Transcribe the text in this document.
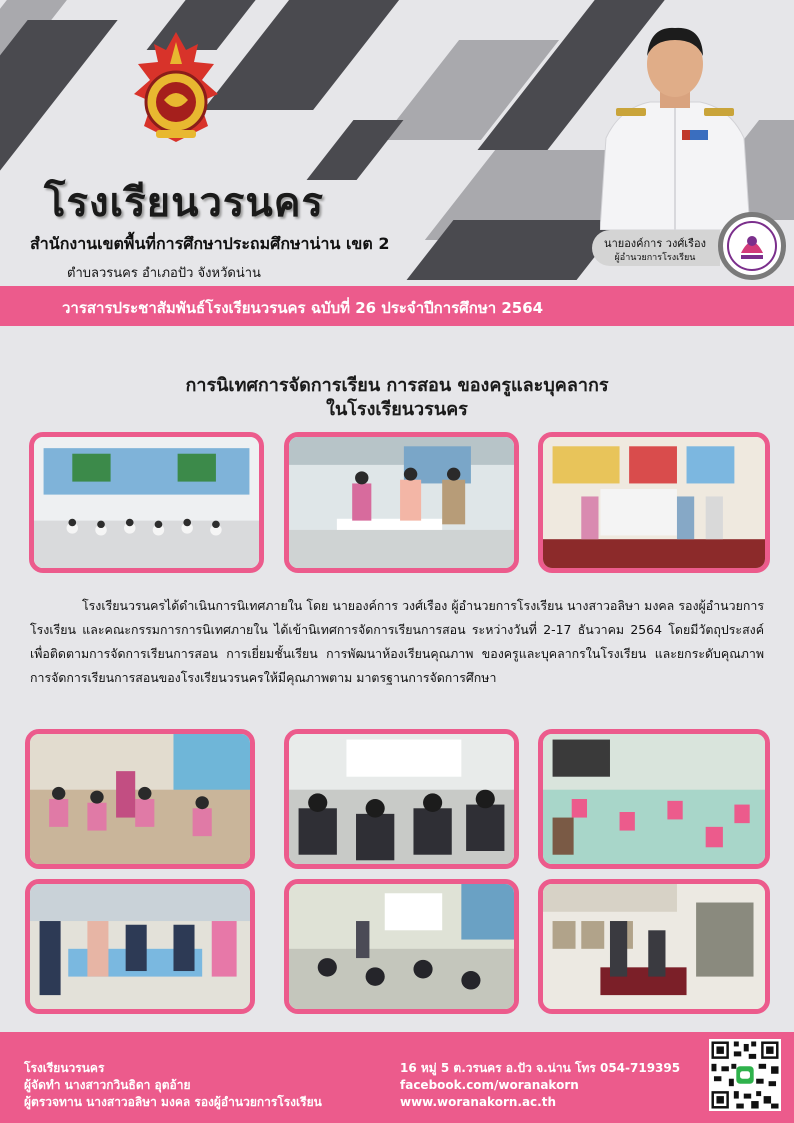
โรงเรียนวรนคร
สำนักงานเขตพื้นที่การศึกษาประถมศึกษาน่าน เขต 2
ตำบลวรนคร อำเภอปัว จังหวัดน่าน
นายองค์การ วงศ์เรือง
ผู้อำนวยการโรงเรียน
วารสารประชาสัมพันธ์โรงเรียนวรนคร ฉบับที่ 26 ประจำปีการศึกษา 2564
การนิเทศการจัดการเรียน การสอน ของครูและบุคลากร
ในโรงเรียนวรนคร

โรงเรียนวรนครได้ดำเนินการนิเทศภายใน โดย นายองค์การ วงศ์เรือง ผู้อำนวยการโรงเรียน นางสาวอลิษา มงคล รองผู้อำนวยการโรงเรียน และคณะกรรมการการนิเทศภายใน ได้เข้านิเทศการจัดการเรียนการสอน ระหว่างวันที่ 2-17 ธันวาคม 2564 โดยมีวัตถุประสงค์เพื่อติดตามการจัดการเรียนการสอน การเยี่ยมชั้นเรียน การพัฒนาห้องเรียนคุณภาพ ของครูและบุคลากรในโรงเรียน และยกระดับคุณภาพการจัดการเรียนการสอนของโรงเรียนวรนครให้มีคุณภาพตาม มาตรฐานการจัดการศึกษา

โรงเรียนวรนคร
ผู้จัดทำ นางสาวกวินธิดา อุตอ้าย
ผู้ตรวจทาน นางสาวอลิษา มงคล รองผู้อำนวยการโรงเรียน
16 หมู่ 5 ต.วรนคร อ.ปัว จ.น่าน โทร 054-719395
facebook.com/woranakorn
www.woranakorn.ac.th
